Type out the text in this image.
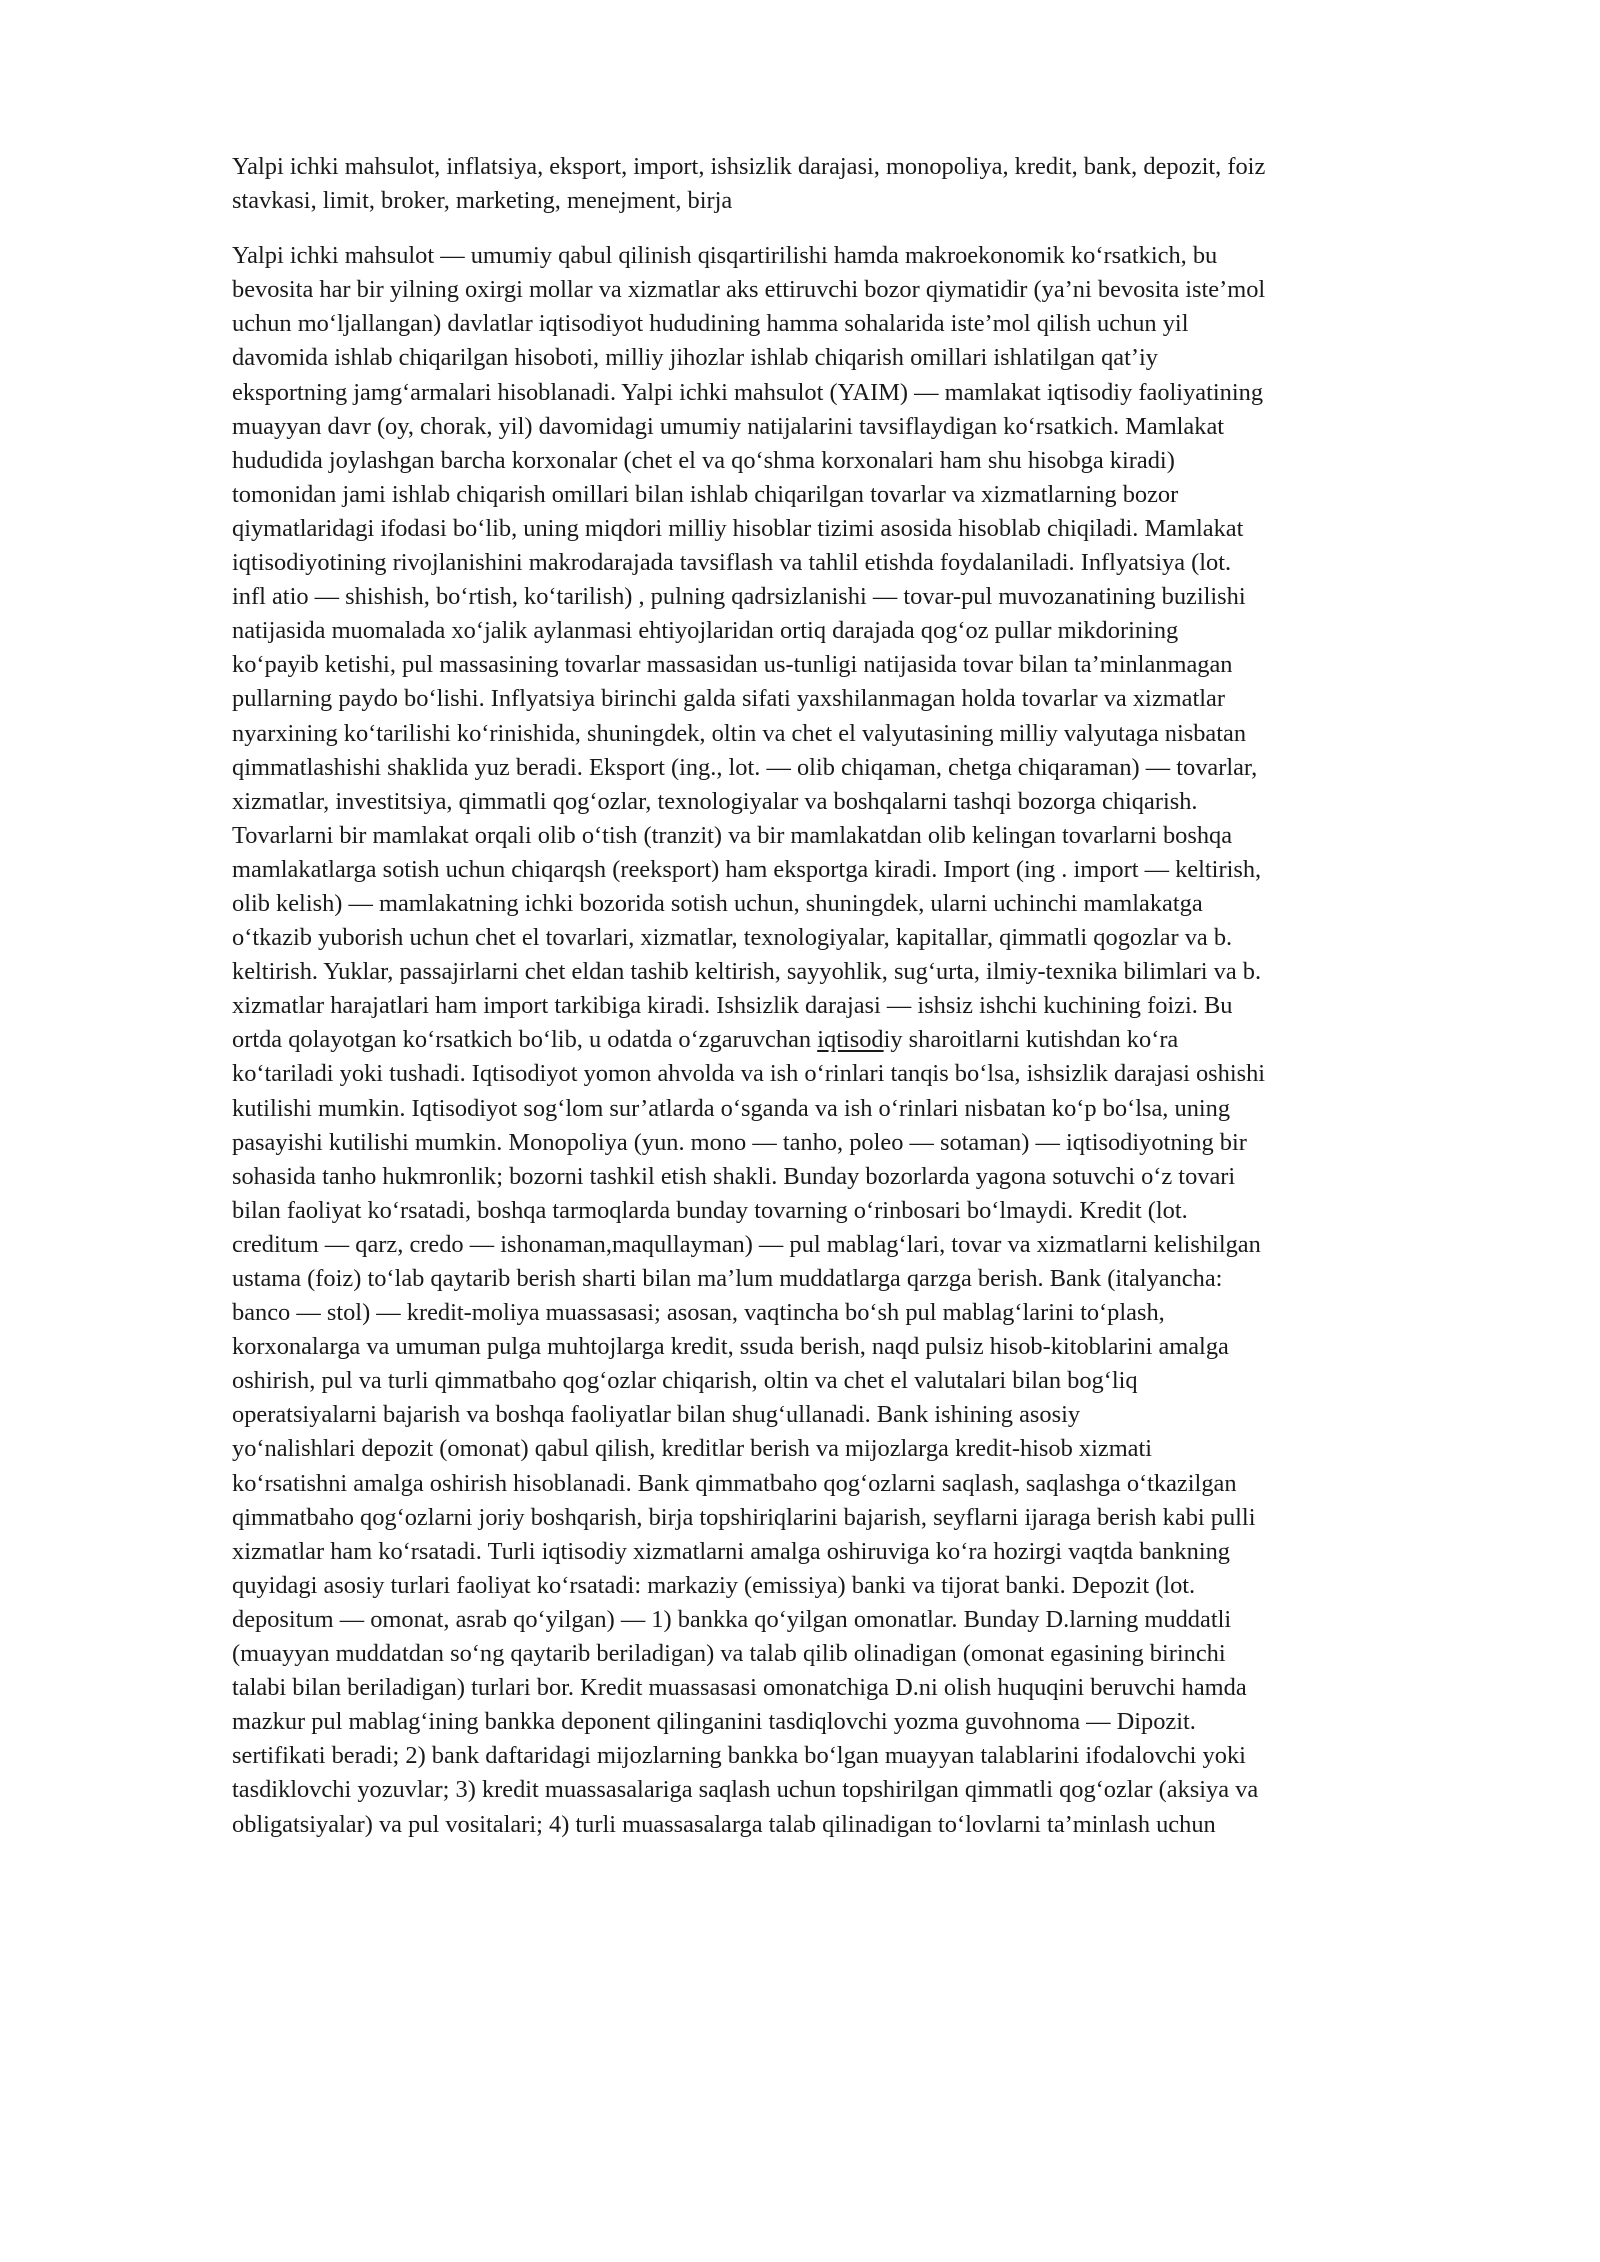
Yalpi ichki mahsulot, inflatsiya, eksport, import, ishsizlik darajasi, monopoliya, kredit, bank, depozit, foiz
stavkasi, limit, broker, marketing, menejment, birja

Yalpi ichki mahsulot — umumiy qabul qilinish qisqartirilishi hamda makroekonomik ko‘rsatkich, bu
bevosita har bir yilning oxirgi mollar va xizmatlar aks ettiruvchi bozor qiymatidir (ya’ni bevosita iste’mol
uchun mo‘ljallangan) davlatlar iqtisodiyot hududining hamma sohalarida iste’mol qilish uchun yil
davomida ishlab chiqarilgan hisoboti, milliy jihozlar ishlab chiqarish omillari ishlatilgan qat’iy
eksportning jamg‘armalari hisoblanadi. Yalpi ichki mahsulot (YAIM) — mamlakat iqtisodiy faoliyatining
muayyan davr (oy, chorak, yil) davomidagi umumiy natijalarini tavsiflaydigan ko‘rsatkich. Mamlakat
hududida joylashgan barcha korxonalar (chet el va qo‘shma korxonalari ham shu hisobga kiradi)
tomonidan jami ishlab chiqarish omillari bilan ishlab chiqarilgan tovarlar va xizmatlarning bozor
qiymatlaridagi ifodasi bo‘lib, uning miqdori milliy hisoblar tizimi asosida hisoblab chiqiladi. Mamlakat
iqtisodiyotining rivojlanishini makrodarajada tavsiflash va tahlil etishda foydalaniladi. Inflyatsiya (lot.
infl atio — shishish, bo‘rtish, ko‘tarilish) , pulning qadrsizlanishi — tovar-pul muvozanatining buzilishi
natijasida muomalada xo‘jalik aylanmasi ehtiyojlaridan ortiq darajada qog‘oz pullar mikdorining
ko‘payib ketishi, pul massasining tovarlar massasidan us-tunligi natijasida tovar bilan ta’minlanmagan
pullarning paydo bo‘lishi. Inflyatsiya birinchi galda sifati yaxshilanmagan holda tovarlar va xizmatlar
nyarxining ko‘tarilishi ko‘rinishida, shuningdek, oltin va chet el valyutasining milliy valyutaga nisbatan
qimmatlashishi shaklida yuz beradi. Eksport (ing., lot. — olib chiqaman, chetga chiqaraman) — tovarlar,
xizmatlar, investitsiya, qimmatli qog‘ozlar, texnologiyalar va boshqalarni tashqi bozorga chiqarish.
Tovarlarni bir mamlakat orqali olib o‘tish (tranzit) va bir mamlakatdan olib kelingan tovarlarni boshqa
mamlakatlarga sotish uchun chiqarqsh (reeksport) ham eksportga kiradi. Import (ing . import — keltirish,
olib kelish) — mamlakatning ichki bozorida sotish uchun, shuningdek, ularni uchinchi mamlakatga
o‘tkazib yuborish uchun chet el tovarlari, xizmatlar, texnologiyalar, kapitallar, qimmatli qogozlar va b.
keltirish. Yuklar, passajirlarni chet eldan tashib keltirish, sayyohlik, sug‘urta, ilmiy-texnika bilimlari va b.
xizmatlar harajatlari ham import tarkibiga kiradi. Ishsizlik darajasi — ishsiz ishchi kuchining foizi. Bu
ortda qolayotgan ko‘rsatkich bo‘lib, u odatda o‘zgaruvchan iqtisodiy sharoitlarni kutishdan ko‘ra
ko‘tariladi yoki tushadi. Iqtisodiyot yomon ahvolda va ish o‘rinlari tanqis bo‘lsa, ishsizlik darajasi oshishi
kutilishi mumkin. Iqtisodiyot sog‘lom sur’atlarda o‘sganda va ish o‘rinlari nisbatan ko‘p bo‘lsa, uning
pasayishi kutilishi mumkin. Monopoliya (yun. mono — tanho, poleo — sotaman) — iqtisodiyotning bir
sohasida tanho hukmronlik; bozorni tashkil etish shakli. Bunday bozorlarda yagona sotuvchi o‘z tovari
bilan faoliyat ko‘rsatadi, boshqa tarmoqlarda bunday tovarning o‘rinbosari bo‘lmaydi. Kredit (lot.
creditum — qarz, credo — ishonaman,maqullayman) — pul mablag‘lari, tovar va xizmatlarni kelishilgan
ustama (foiz) to‘lab qaytarib berish sharti bilan ma’lum muddatlarga qarzga berish. Bank (italyancha:
banco — stol) — kredit-moliya muassasasi; asosan, vaqtincha bo‘sh pul mablag‘larini to‘plash,
korxonalarga va umuman pulga muhtojlarga kredit, ssuda berish, naqd pulsiz hisob-kitoblarini amalga
oshirish, pul va turli qimmatbaho qog‘ozlar chiqarish, oltin va chet el valutalari bilan bog‘liq
operatsiyalarni bajarish va boshqa faoliyatlar bilan shug‘ullanadi. Bank ishining asosiy
yo‘nalishlari depozit (omonat) qabul qilish, kreditlar berish va mijozlarga kredit-hisob xizmati
ko‘rsatishni amalga oshirish hisoblanadi. Bank qimmatbaho qog‘ozlarni saqlash, saqlashga o‘tkazilgan
qimmatbaho qog‘ozlarni joriy boshqarish, birja topshiriqlarini bajarish, seyflarni ijaraga berish kabi pulli
xizmatlar ham ko‘rsatadi. Turli iqtisodiy xizmatlarni amalga oshiruviga ko‘ra hozirgi vaqtda bankning
quyidagi asosiy turlari faoliyat ko‘rsatadi: markaziy (emissiya) banki va tijorat banki. Depozit (lot.
depositum — omonat, asrab qo‘yilgan) — 1) bankka qo‘yilgan omonatlar. Bunday D.larning muddatli
(muayyan muddatdan so‘ng qaytarib beriladigan) va talab qilib olinadigan (omonat egasining birinchi
talabi bilan beriladigan) turlari bor. Kredit muassasasi omonatchiga D.ni olish huquqini beruvchi hamda
mazkur pul mablag‘ining bankka deponent qilinganini tasdiqlovchi yozma guvohnoma — Dipozit.
sertifikati beradi; 2) bank daftaridagi mijozlarning bankka bo‘lgan muayyan talablarini ifodalovchi yoki
tasdiklovchi yozuvlar; 3) kredit muassasalariga saqlash uchun topshirilgan qimmatli qog‘ozlar (aksiya va
obligatsiyalar) va pul vositalari; 4) turli muassasalarga talab qilinadigan to‘lovlarni ta’minlash uchun
